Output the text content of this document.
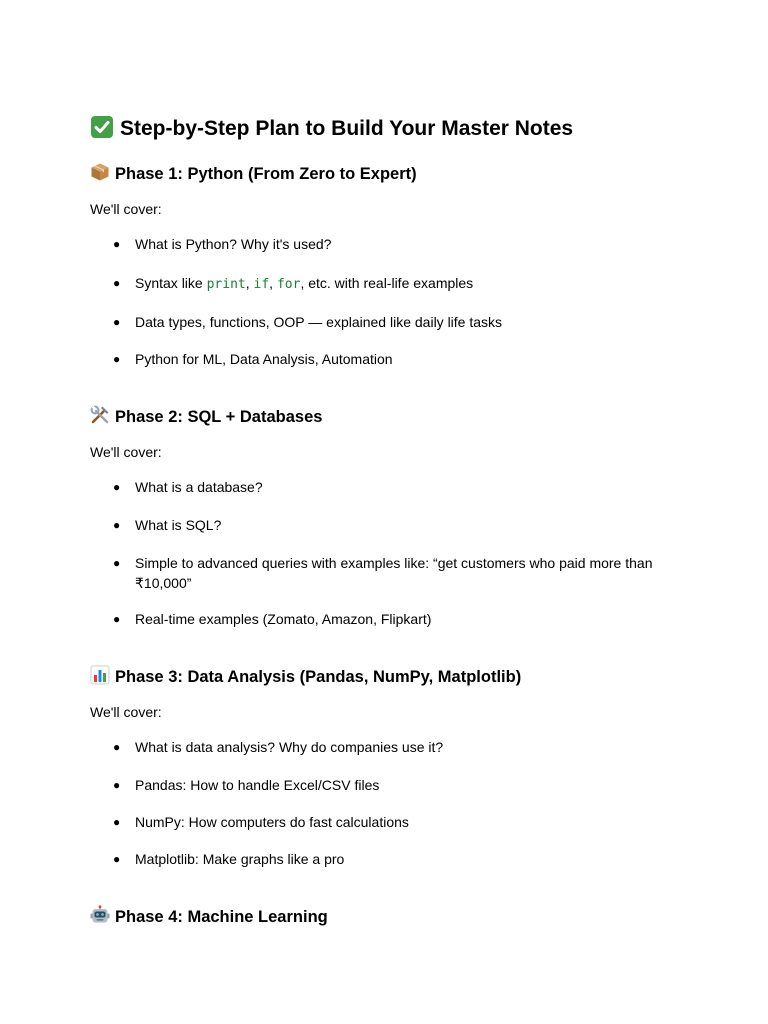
Step-by-Step Plan to Build Your Master Notes
Phase 1: Python (From Zero to Expert)

We'll cover:

● What is Python? Why it's used?
● Syntax like print, if, for, etc. with real-life examples
● Data types, functions, OOP — explained like daily life tasks
● Python for ML, Data Analysis, Automation
Phase 2: SQL + Databases

We'll cover:

● What is a database?
● What is SQL?
● Simple to advanced queries with examples like: “get customers who paid more than ₹10,000”
● Real-time examples (Zomato, Amazon, Flipkart)
Phase 3: Data Analysis (Pandas, NumPy, Matplotlib)

We'll cover:

● What is data analysis? Why do companies use it?
● Pandas: How to handle Excel/CSV files
● NumPy: How computers do fast calculations
● Matplotlib: Make graphs like a pro
Phase 4: Machine Learning
